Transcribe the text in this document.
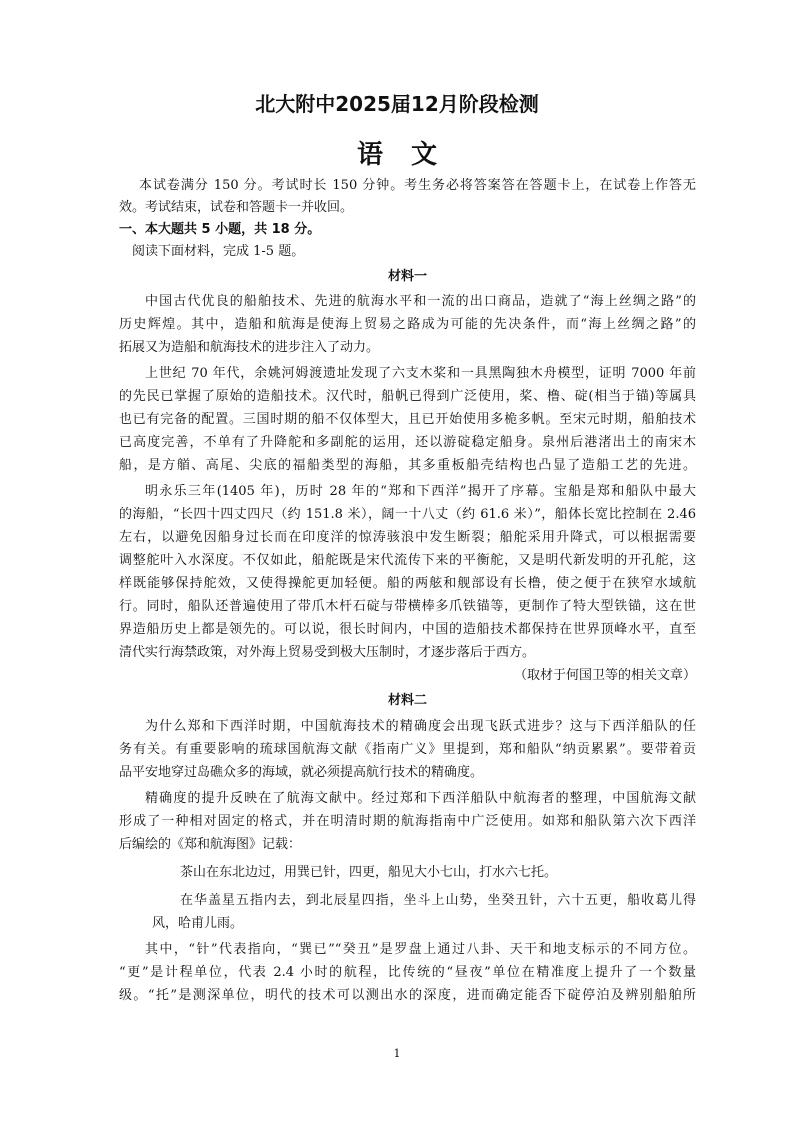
北大附中2025届12月阶段检测
语文

本试卷满分 150 分。考试时长 150 分钟。考生务必将答案答在答题卡上，在试卷上作答无

效。考试结束，试卷和答题卡一并收回。

一、本大题共 5 小题，共 18 分。

阅读下面材料，完成 1-5 题。

材料一

中国古代优良的船舶技术、先进的航海水平和一流的出口商品，造就了“海上丝绸之路”的

历史辉煌。其中，造船和航海是使海上贸易之路成为可能的先决条件，而“海上丝绸之路”的

拓展又为造船和航海技术的进步注入了动力。

上世纪 70 年代，余姚河姆渡遗址发现了六支木桨和一具黑陶独木舟模型，证明 7000 年前

的先民已掌握了原始的造船技术。汉代时，船帆已得到广泛使用，桨、橹、碇(相当于锚)等属具

也已有完备的配置。三国时期的船不仅体型大，且已开始使用多桅多帆。至宋元时期，船舶技术

已高度完善，不单有了升降舵和多副舵的运用，还以游碇稳定船身。泉州后港渚出土的南宋木

船，是方艏、高尾、尖底的福船类型的海船，其多重板船壳结构也凸显了造船工艺的先进。

明永乐三年(1405 年)，历时 28 年的“郑和下西洋”揭开了序幕。宝船是郑和船队中最大

的海船，“长四十四丈四尺（约 151.8 米），阔一十八丈（约 61.6 米）”，船体长宽比控制在 2.46

左右，以避免因船身过长而在印度洋的惊涛骇浪中发生断裂；船舵采用升降式，可以根据需要

调整舵叶入水深度。不仅如此，船舵既是宋代流传下来的平衡舵，又是明代新发明的开孔舵，这

样既能够保持舵效，又使得操舵更加轻便。船的两舷和舰部设有长橹，使之便于在狭窄水域航

行。同时，船队还普遍使用了带爪木杆石碇与带横棒多爪铁锚等，更制作了特大型铁锚，这在世

界造船历史上都是领先的。可以说，很长时间内，中国的造船技术都保持在世界顶峰水平，直至

清代实行海禁政策，对外海上贸易受到极大压制时，才逐步落后于西方。

（取材于何国卫等的相关文章）

材料二

为什么郑和下西洋时期，中国航海技术的精确度会出现飞跃式进步？这与下西洋船队的任

务有关。有重要影响的琉球国航海文献《指南广义》里提到，郑和船队“纳贡累累”。要带着贡

品平安地穿过岛礁众多的海域，就必须提高航行技术的精确度。

精确度的提升反映在了航海文献中。经过郑和下西洋船队中航海者的整理，中国航海文献

形成了一种相对固定的格式，并在明清时期的航海指南中广泛使用。如郑和船队第六次下西洋

后编绘的《郑和航海图》记载：

茶山在东北边过，用巽已针，四更，船见大小七山，打水六七托。

在华盖星五指内去，到北辰星四指，坐斗上山势，坐癸丑针，六十五更，船收葛儿得

风，哈甫儿雨。

其中，“针”代表指向，“巽已”“癸丑”是罗盘上通过八卦、天干和地支标示的不同方位。

“更”是计程单位，代表 2.4 小时的航程，比传统的“昼夜”单位在精准度上提升了一个数量

级。“托”是测深单位，明代的技术可以测出水的深度，进而确定能否下碇停泊及辨别船舶所

1
